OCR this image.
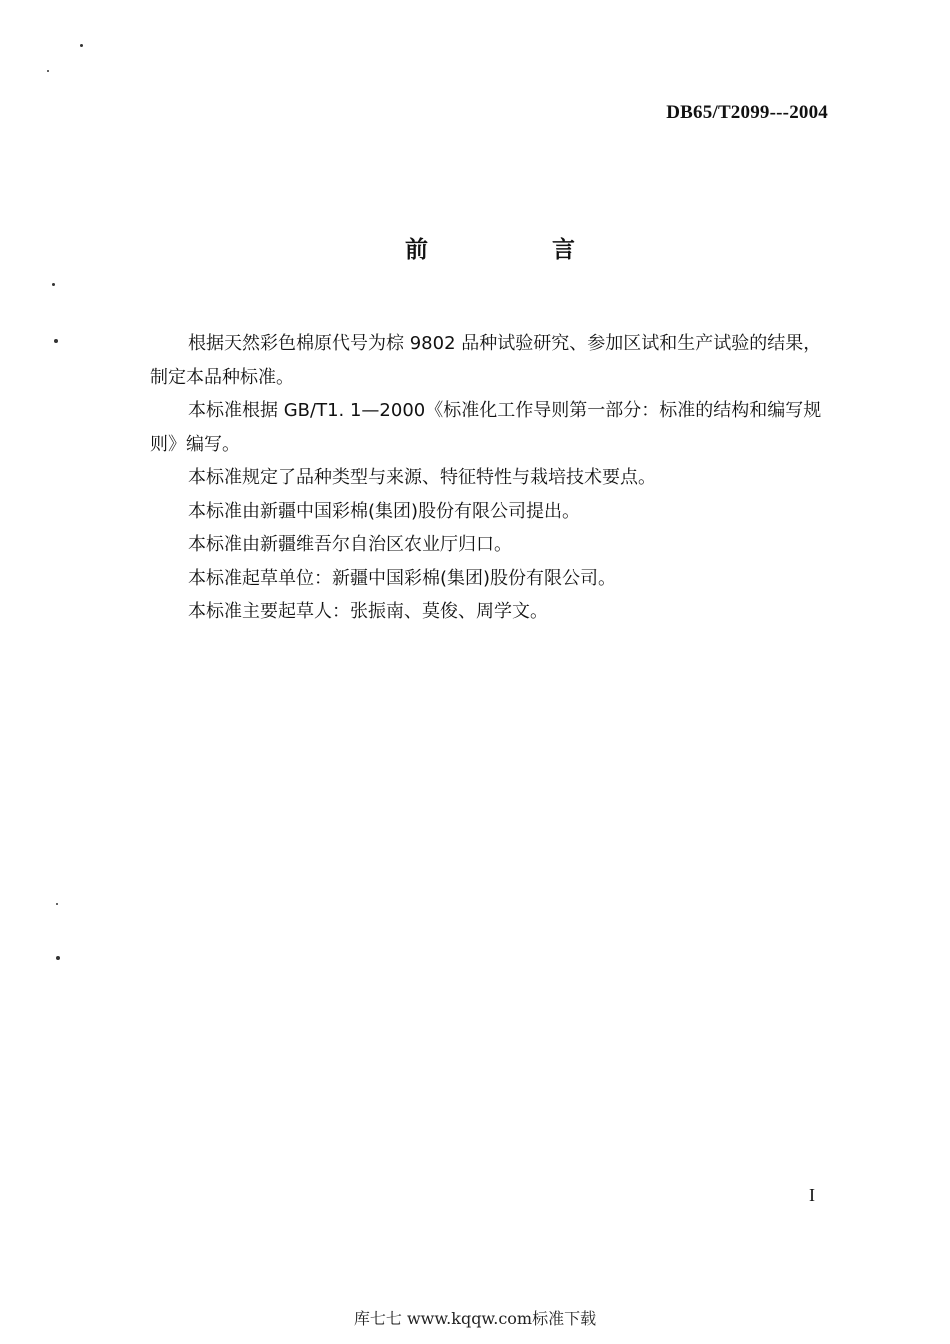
DB65/T2099---2004
前	言

根据天然彩色棉原代号为棕 9802 品种试验研究、参加区试和生产试验的结果，制定本品种标准。

本标准根据 GB/T1. 1—2000《标准化工作导则第一部分：标准的结构和编写规则》编写。

本标准规定了品种类型与来源、特征特性与栽培技术要点。

本标准由新疆中国彩棉(集团)股份有限公司提出。

本标准由新疆维吾尔自治区农业厅归口。

本标准起草单位：新疆中国彩棉(集团)股份有限公司。

本标准主要起草人：张振南、莫俊、周学文。

I
库七七 www.kqqw.com标准下载
